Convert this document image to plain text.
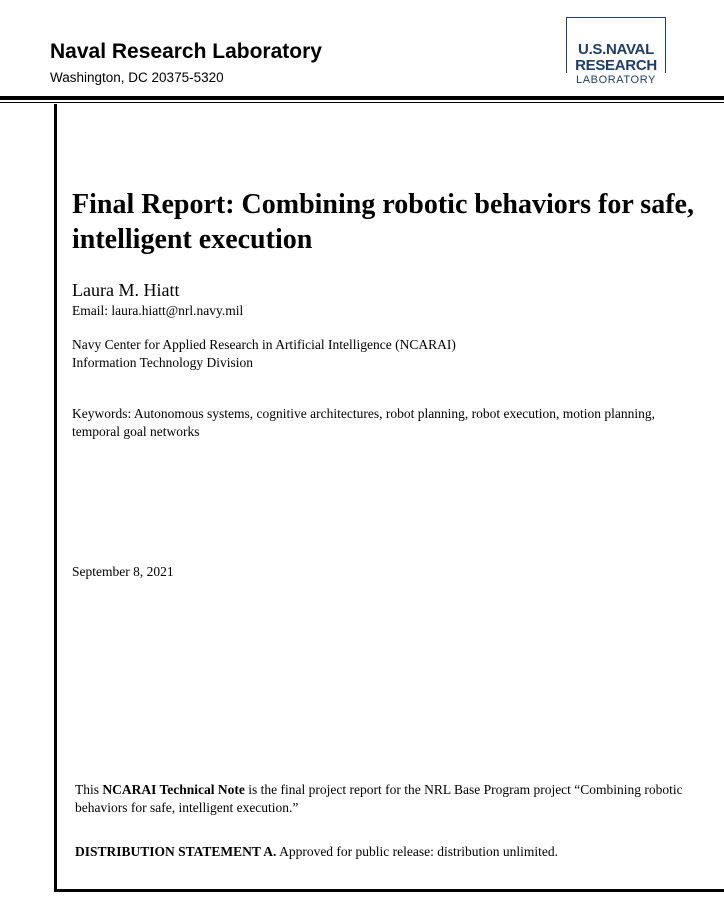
Naval Research Laboratory
Washington, DC 20375-5320
U.S.NAVAL
RESEARCH
LABORATORY
Final Report: Combining robotic behaviors for safe, intelligent execution
Laura M. Hiatt
Email: laura.hiatt@nrl.navy.mil
Navy Center for Applied Research in Artificial Intelligence (NCARAI)
Information Technology Division
Keywords: Autonomous systems, cognitive architectures, robot planning, robot execution, motion planning, temporal goal networks
September 8, 2021
This NCARAI Technical Note is the final project report for the NRL Base Program project “Combining robotic behaviors for safe, intelligent execution.”
DISTRIBUTION STATEMENT A. Approved for public release: distribution unlimited.
